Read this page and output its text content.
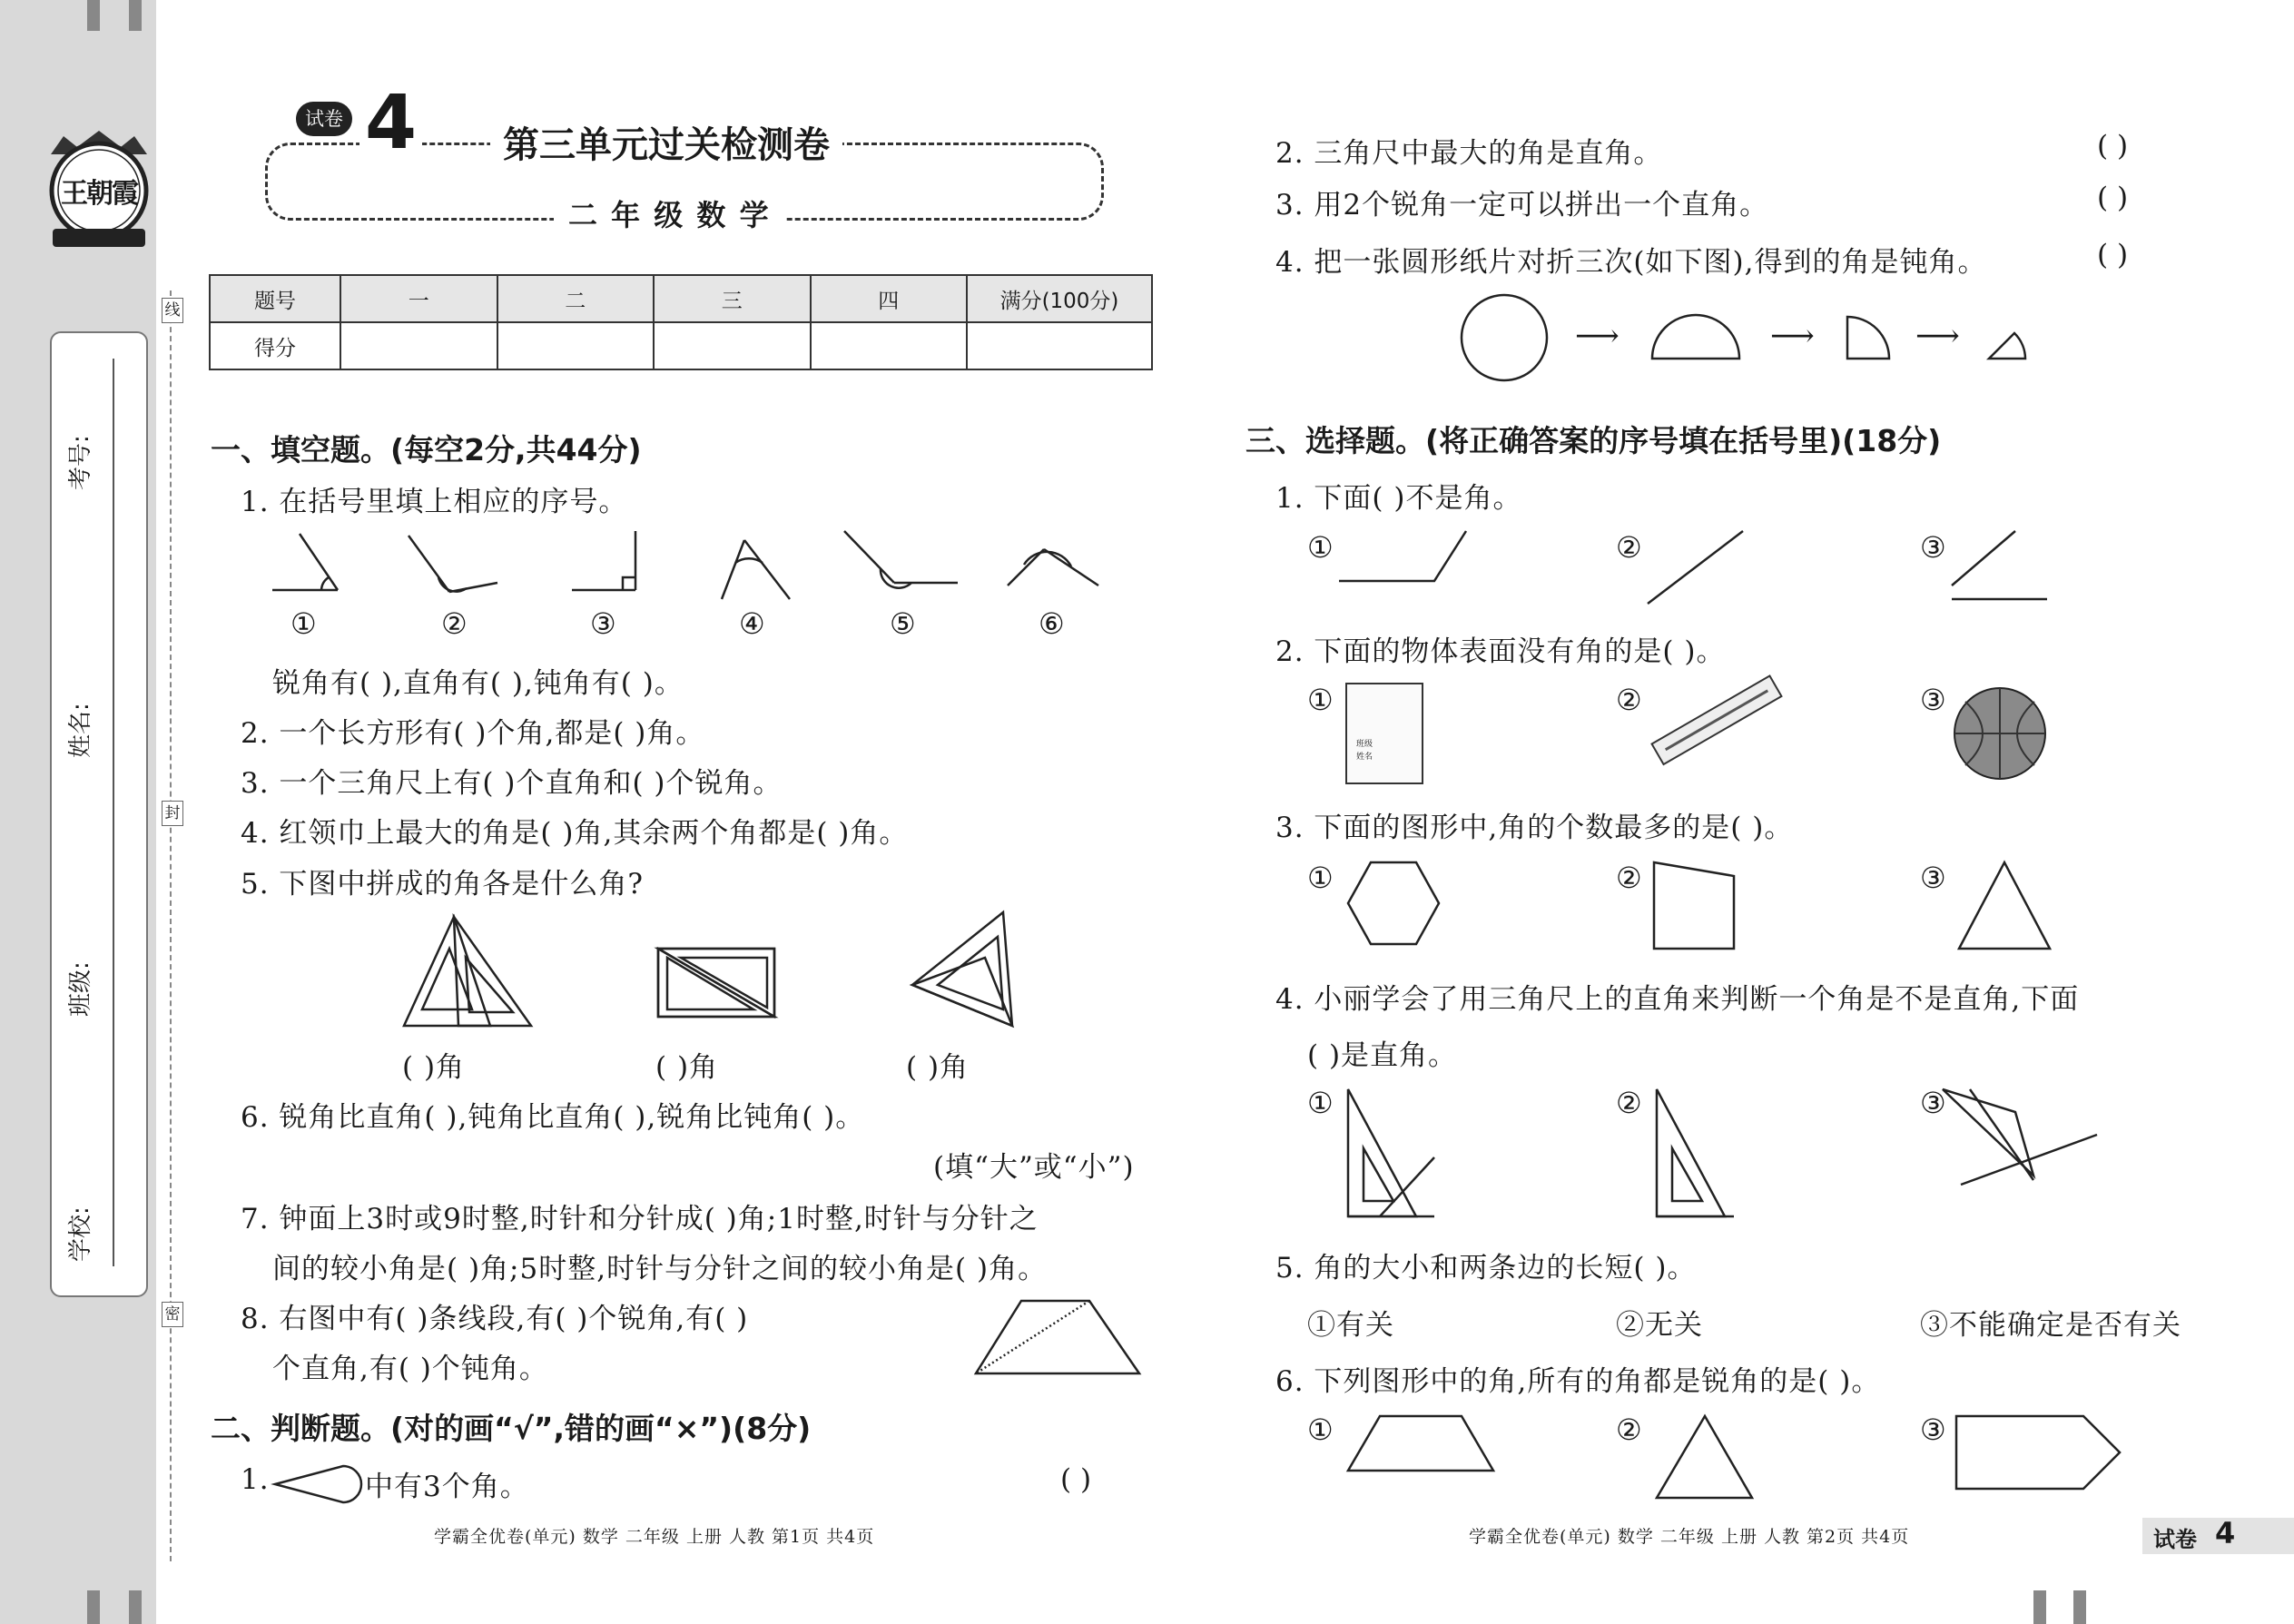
王朝霞
考号:
姓名:
班级:
学校:
线
封
密
试卷 4	第三单元过关检测卷
二 年 级 数 学
题号	一	二	三	四	满分(100分)
得分					
一、填空题。(每空2分,共44分)
1. 在括号里填上相应的序号。
①	②	③	④	⑤	⑥
锐角有( ),直角有( ),钝角有( )。
2. 一个长方形有( )个角,都是( )角。
3. 一个三角尺上有( )个直角和( )个锐角。
4. 红领巾上最大的角是( )角,其余两个角都是( )角。
5. 下图中拼成的角各是什么角?
( )角	( )角	( )角
6. 锐角比直角( ),钝角比直角( ),锐角比钝角( )。
(填“大”或“小”)
7. 钟面上3时或9时整,时针和分针成( )角;1时整,时针与分针之
间的较小角是( )角;5时整,时针与分针之间的较小角是( )角。
8. 右图中有( )条线段,有( )个锐角,有( )
个直角,有( )个钝角。
二、判断题。(对的画“√”,错的画“×”)(8分)
1.	中有3个角。	( )
学霸全优卷(单元) 数学 二年级 上册 人教 第1页 共4页
2. 三角尺中最大的角是直角。	( )
3. 用2个锐角一定可以拼出一个直角。	( )
4. 把一张圆形纸片对折三次(如下图),得到的角是钝角。	( )
⟶	⟶	⟶
三、选择题。(将正确答案的序号填在括号里)(18分)
1. 下面( )不是角。
①	②	③
2. 下面的物体表面没有角的是( )。
①	②	③
班级
姓名
3. 下面的图形中,角的个数最多的是( )。
①	②	③
4. 小丽学会了用三角尺上的直角来判断一个角是不是直角,下面
( )是直角。
①	②	③
5. 角的大小和两条边的长短( )。
①有关	②无关	③不能确定是否有关
6. 下列图形中的角,所有的角都是锐角的是( )。
①	②	③
学霸全优卷(单元) 数学 二年级 上册 人教 第2页 共4页	试卷 4
